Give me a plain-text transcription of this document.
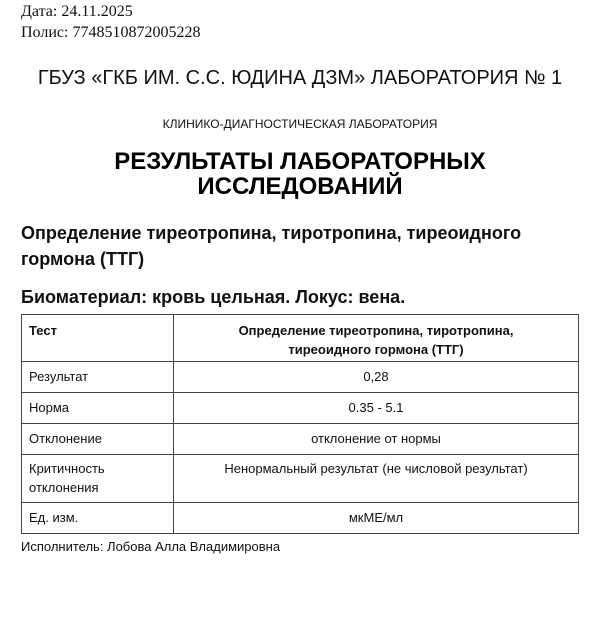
Дата: 24.11.2025
Полис: 7748510872005228
ГБУЗ «ГКБ ИМ. С.С. ЮДИНА ДЗМ» ЛАБОРАТОРИЯ № 1
КЛИНИКО-ДИАГНОСТИЧЕСКАЯ ЛАБОРАТОРИЯ
РЕЗУЛЬТАТЫ ЛАБОРАТОРНЫХ ИССЛЕДОВАНИЙ
Определение тиреотропина, тиротропина, тиреоидного гормона (ТТГ)
Биоматериал: кровь цельная. Локус: вена.
Тест	Определение тиреотропина, тиротропина, тиреоидного гормона (ТТГ)

Результат	0,28
Норма	0.35 - 5.1
Отклонение	отклонение от нормы

Критичность отклонения	Ненормальный результат (не числовой результат)
Ед. изм.	мкМЕ/мл
Исполнитель: Лобова Алла Владимировна
